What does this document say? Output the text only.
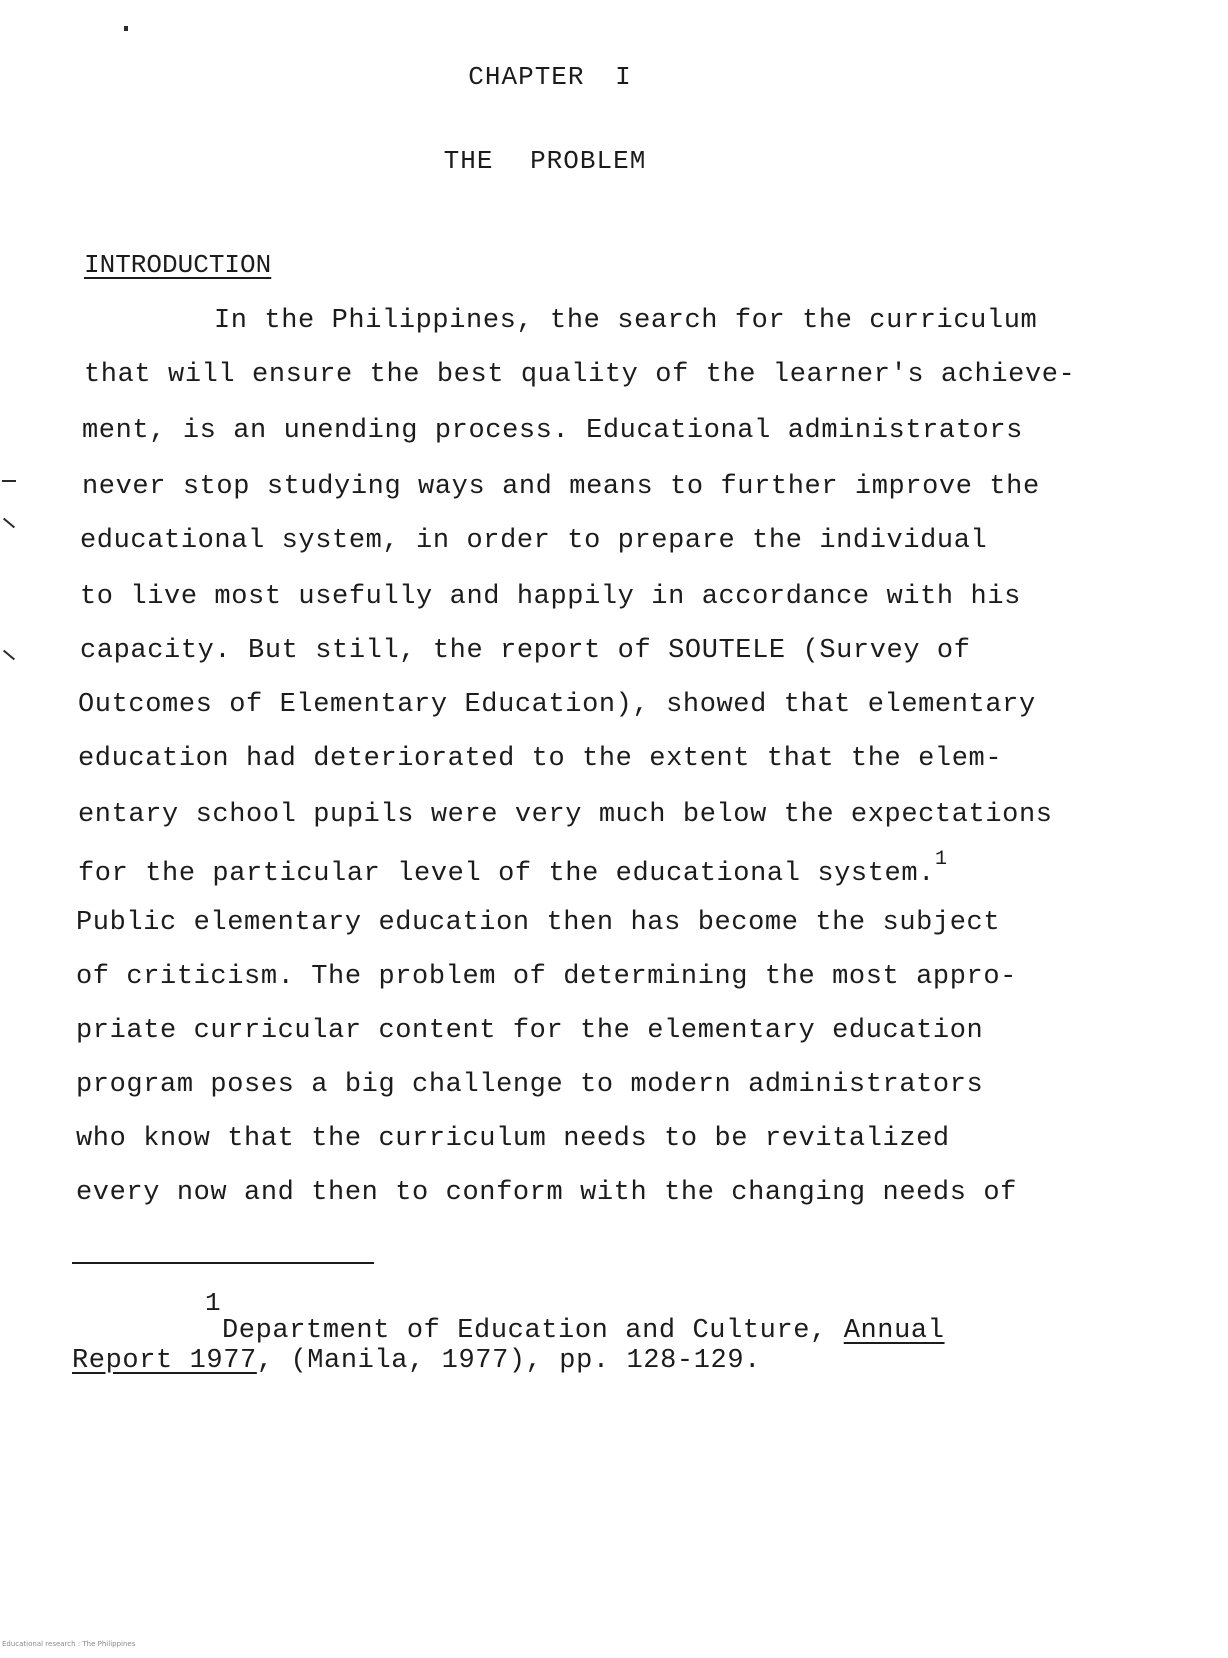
CHAPTER I
THE PROBLEM
INTRODUCTION
In the Philippines, the search for the curriculum
that will ensure the best quality of the learner's achieve-
ment, is an unending process. Educational administrators
never stop studying ways and means to further improve the
educational system, in order to prepare the individual
to live most usefully and happily in accordance with his
capacity. But still, the report of SOUTELE (Survey of
Outcomes of Elementary Education), showed that elementary
education had deteriorated to the extent that the elem-
entary school pupils were very much below the expectations
for the particular level of the educational system.$^1$
Public elementary education then has become the subject
of criticism. The problem of determining the most appro-
priate curricular content for the elementary education
program poses a big challenge to modern administrators
who know that the curriculum needs to be revitalized
every now and then to conform with the changing needs of
1
Department of Education and Culture, Annual
Report 1977, (Manila, 1977), pp. 128-129.
Educational research : The Philippines
